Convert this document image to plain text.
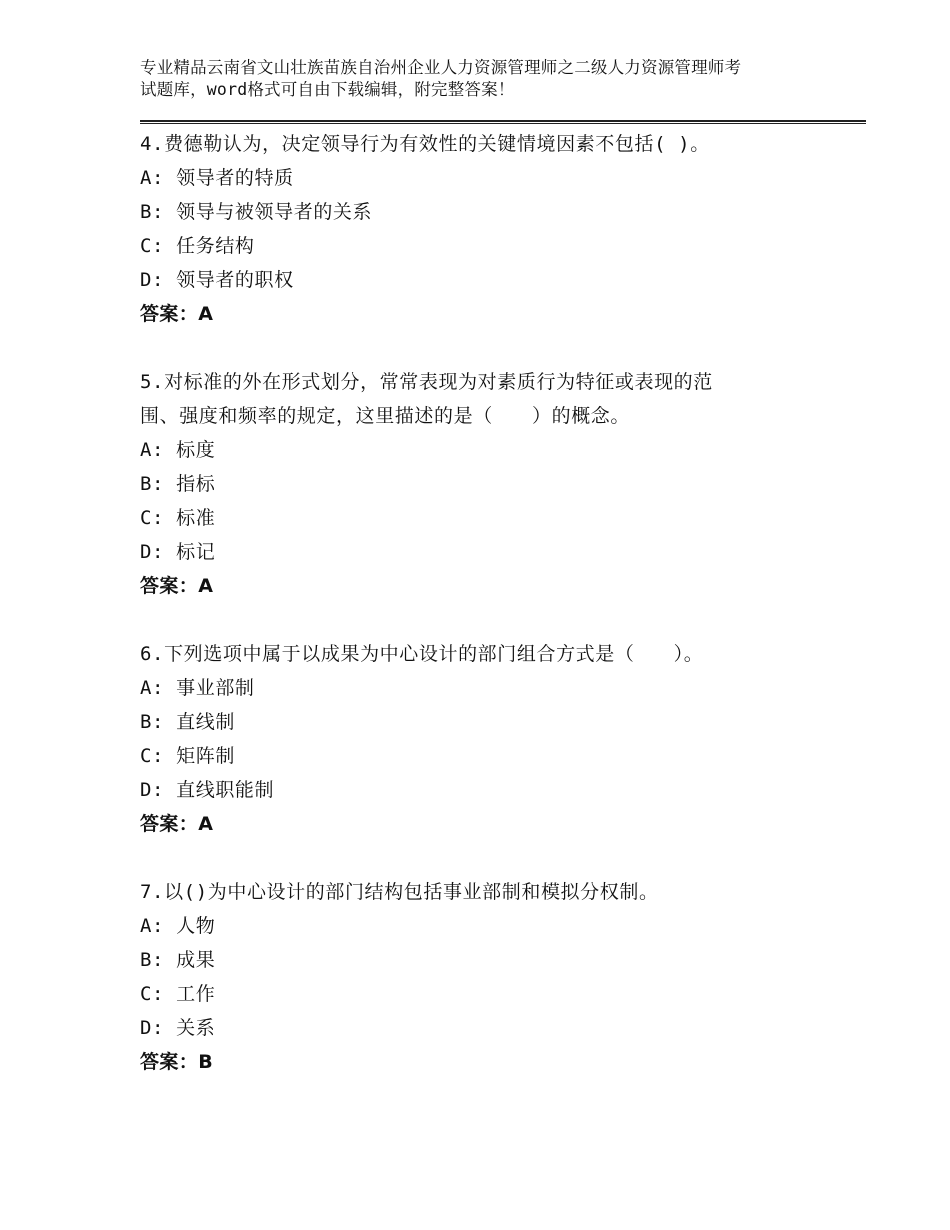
专业精品云南省文山壮族苗族自治州企业人力资源管理师之二级人力资源管理师考
试题库，word格式可自由下载编辑，附完整答案！
4.费德勒认为，决定领导行为有效性的关键情境因素不包括( )。
A: 领导者的特质
B: 领导与被领导者的关系
C: 任务结构
D: 领导者的职权
答案：A
5.对标准的外在形式划分，常常表现为对素质行为特征或表现的范
围、强度和频率的规定，这里描述的是（　　）的概念。
A: 标度
B: 指标
C: 标准
D: 标记
答案：A
6.下列选项中属于以成果为中心设计的部门组合方式是（　　）。
A: 事业部制
B: 直线制
C: 矩阵制
D: 直线职能制
答案：A
7.以()为中心设计的部门结构包括事业部制和模拟分权制。
A: 人物
B: 成果
C: 工作
D: 关系
答案：B
